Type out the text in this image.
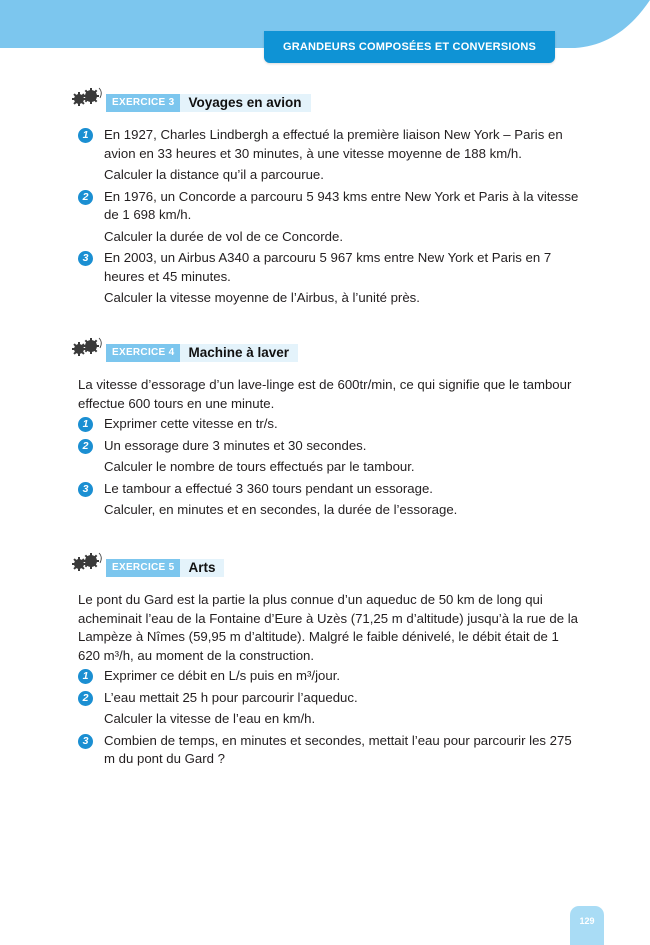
GRANDEURS COMPOSÉES ET CONVERSIONS
EXERCICE 3	Voyages en avion
1	En 1927, Charles Lindbergh a effectué la première liaison New York – Paris en avion en 33 heures et 30 minutes, à une vitesse moyenne de 188 km/h.
Calculer la distance qu’il a parcourue.
2	En 1976, un Concorde a parcouru 5 943 kms entre New York et Paris à la vitesse de 1 698 km/h.
Calculer la durée de vol de ce Concorde.
3	En 2003, un Airbus A340 a parcouru 5 967 kms entre New York et Paris en 7 heures et 45 minutes.
Calculer la vitesse moyenne de l’Airbus, à l’unité près.
EXERCICE 4	Machine à laver
La vitesse d’essorage d’un lave-linge est de 600tr/min, ce qui signifie que le tambour effectue 600 tours en une minute.
1	Exprimer cette vitesse en tr/s.
2	Un essorage dure 3 minutes et 30 secondes.
Calculer le nombre de tours effectués par le tambour.
3	Le tambour a effectué 3 360 tours pendant un essorage.
Calculer, en minutes et en secondes, la durée de l’essorage.
EXERCICE 5	Arts
Le pont du Gard est la partie la plus connue d’un aqueduc de 50 km de long qui acheminait l’eau de la Fontaine d’Eure à Uzès (71,25 m d’altitude) jusqu’à la rue de la Lampèze à Nîmes (59,95 m d’altitude). Malgré le faible dénivelé, le débit était de 1 620 m³/h, au moment de la construction.
1	Exprimer ce débit en L/s puis en m³/jour.
2	L’eau mettait 25 h pour parcourir l’aqueduc.
Calculer la vitesse de l’eau en km/h.
3	Combien de temps, en minutes et secondes, mettait l’eau pour parcourir les 275 m du pont du Gard ?
129
